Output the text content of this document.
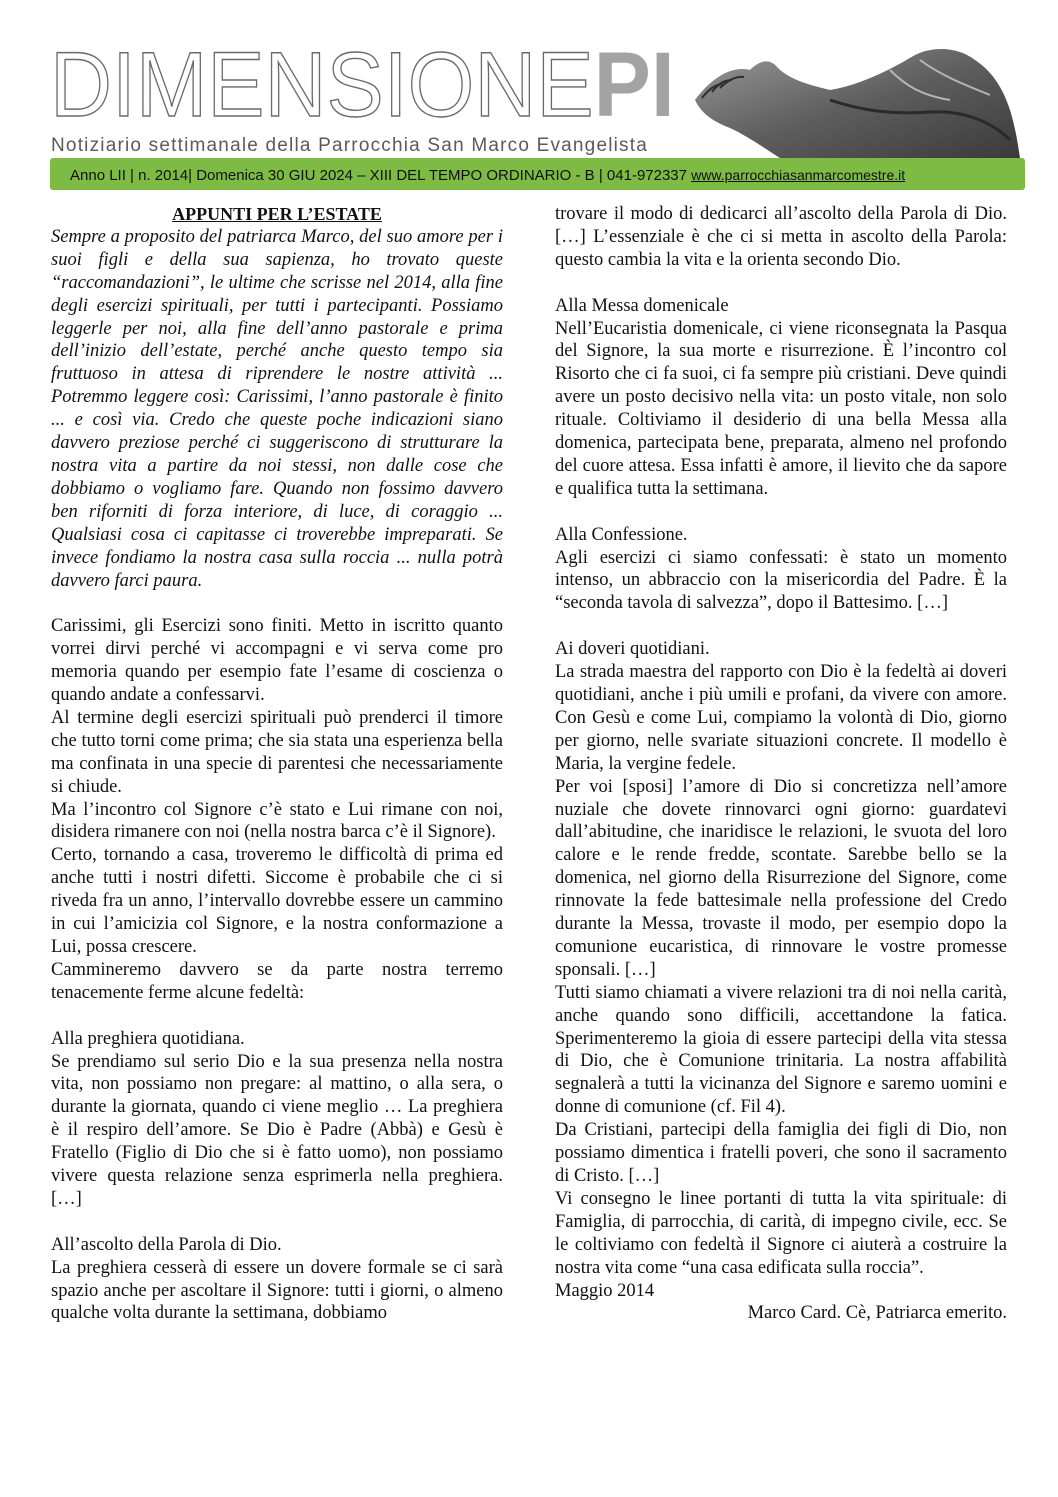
DIMENSIONEPI
Notiziario settimanale della Parrocchia San Marco Evangelista
Anno LII | n. 2014| Domenica 30 GIU 2024 – XIII DEL TEMPO ORDINARIO - B | 041-972337 www.parrocchiasanmarcomestre.it

APPUNTI PER L’ESTATE

Sempre a proposito del patriarca Marco, del suo amore per i suoi figli e della sua sapienza, ho trovato queste “raccomandazioni”, le ultime che scrisse nel 2014, alla fine degli esercizi spirituali, per tutti i partecipanti. Possiamo leggerle per noi, alla fine dell’anno pastorale e prima dell’inizio dell’estate, perché anche questo tempo sia fruttuoso in attesa di riprendere le nostre attività ... Potremmo leggere così: Carissimi, l’anno pastorale è finito ... e così via. Credo che queste poche indicazioni siano davvero preziose perché ci suggeriscono di strutturare la nostra vita a partire da noi stessi, non dalle cose che dobbiamo o vogliamo fare. Quando non fossimo davvero ben riforniti di forza interiore, di luce, di coraggio ... Qualsiasi cosa ci capitasse ci troverebbe impreparati. Se invece fondiamo la nostra casa sulla roccia ... nulla potrà davvero farci paura.

Carissimi, gli Esercizi sono finiti. Metto in iscritto quanto vorrei dirvi perché vi accompagni e vi serva come pro memoria quando per esempio fate l’esame di coscienza o quando andate a confessarvi.

Al termine degli esercizi spirituali può prenderci il timore che tutto torni come prima; che sia stata una esperienza bella ma confinata in una specie di parentesi che necessariamente si chiude.

Ma l’incontro col Signore c’è stato e Lui rimane con noi, disidera rimanere con noi (nella nostra barca c’è il Signore).

Certo, tornando a casa, troveremo le difficoltà di prima ed anche tutti i nostri difetti. Siccome è probabile che ci si riveda fra un anno, l’intervallo dovrebbe essere un cammino in cui l’amicizia col Signore, e la nostra conformazione a Lui, possa crescere.

Cammineremo davvero se da parte nostra terremo tenacemente ferme alcune fedeltà:

Alla preghiera quotidiana.

Se prendiamo sul serio Dio e la sua presenza nella nostra vita, non possiamo non pregare: al mattino, o alla sera, o durante la giornata, quando ci viene meglio … La preghiera è il respiro dell’amore. Se Dio è Padre (Abbà) e Gesù è Fratello (Figlio di Dio che si è fatto uomo), non possiamo vivere questa relazione senza esprimerla nella preghiera. […]

All’ascolto della Parola di Dio.

La preghiera cesserà di essere un dovere formale se ci sarà spazio anche per ascoltare il Signore: tutti i giorni, o almeno qualche volta durante la settimana, dobbiamo

trovare il modo di dedicarci all’ascolto della Parola di Dio. […] L’essenziale è che ci si metta in ascolto della Parola: questo cambia la vita e la orienta secondo Dio.

Alla Messa domenicale

Nell’Eucaristia domenicale, ci viene riconsegnata la Pasqua del Signore, la sua morte e risurrezione. È l’incontro col Risorto che ci fa suoi, ci fa sempre più cristiani. Deve quindi avere un posto decisivo nella vita: un posto vitale, non solo rituale. Coltiviamo il desiderio di una bella Messa alla domenica, partecipata bene, preparata, almeno nel profondo del cuore attesa. Essa infatti è amore, il lievito che da sapore e qualifica tutta la settimana.

Alla Confessione.

Agli esercizi ci siamo confessati: è stato un momento intenso, un abbraccio con la misericordia del Padre. È la “seconda tavola di salvezza”, dopo il Battesimo. […]

Ai doveri quotidiani.

La strada maestra del rapporto con Dio è la fedeltà ai doveri quotidiani, anche i più umili e profani, da vivere con amore. Con Gesù e come Lui, compiamo la volontà di Dio, giorno per giorno, nelle svariate situazioni concrete. Il modello è Maria, la vergine fedele.

Per voi [sposi] l’amore di Dio si concretizza nell’amore nuziale che dovete rinnovarci ogni giorno: guardatevi dall’abitudine, che inaridisce le relazioni, le svuota del loro calore e le rende fredde, scontate. Sarebbe bello se la domenica, nel giorno della Risurrezione del Signore, come rinnovate la fede battesimale nella professione del Credo durante la Messa, trovaste il modo, per esempio dopo la comunione eucaristica, di rinnovare le vostre promesse sponsali. […]

Tutti siamo chiamati a vivere relazioni tra di noi nella carità, anche quando sono difficili, accettandone la fatica. Sperimenteremo la gioia di essere partecipi della vita stessa di Dio, che è Comunione trinitaria. La nostra affabilità segnalerà a tutti la vicinanza del Signore e saremo uomini e donne di comunione (cf. Fil 4).

Da Cristiani, partecipi della famiglia dei figli di Dio, non possiamo dimentica i fratelli poveri, che sono il sacramento di Cristo. […]

Vi consegno le linee portanti di tutta la vita spirituale: di Famiglia, di parrocchia, di carità, di impegno civile, ecc. Se le coltiviamo con fedeltà il Signore ci aiuterà a costruire la nostra vita come “una casa edificata sulla roccia”.

Maggio 2014

Marco Card. Cè, Patriarca emerito.
